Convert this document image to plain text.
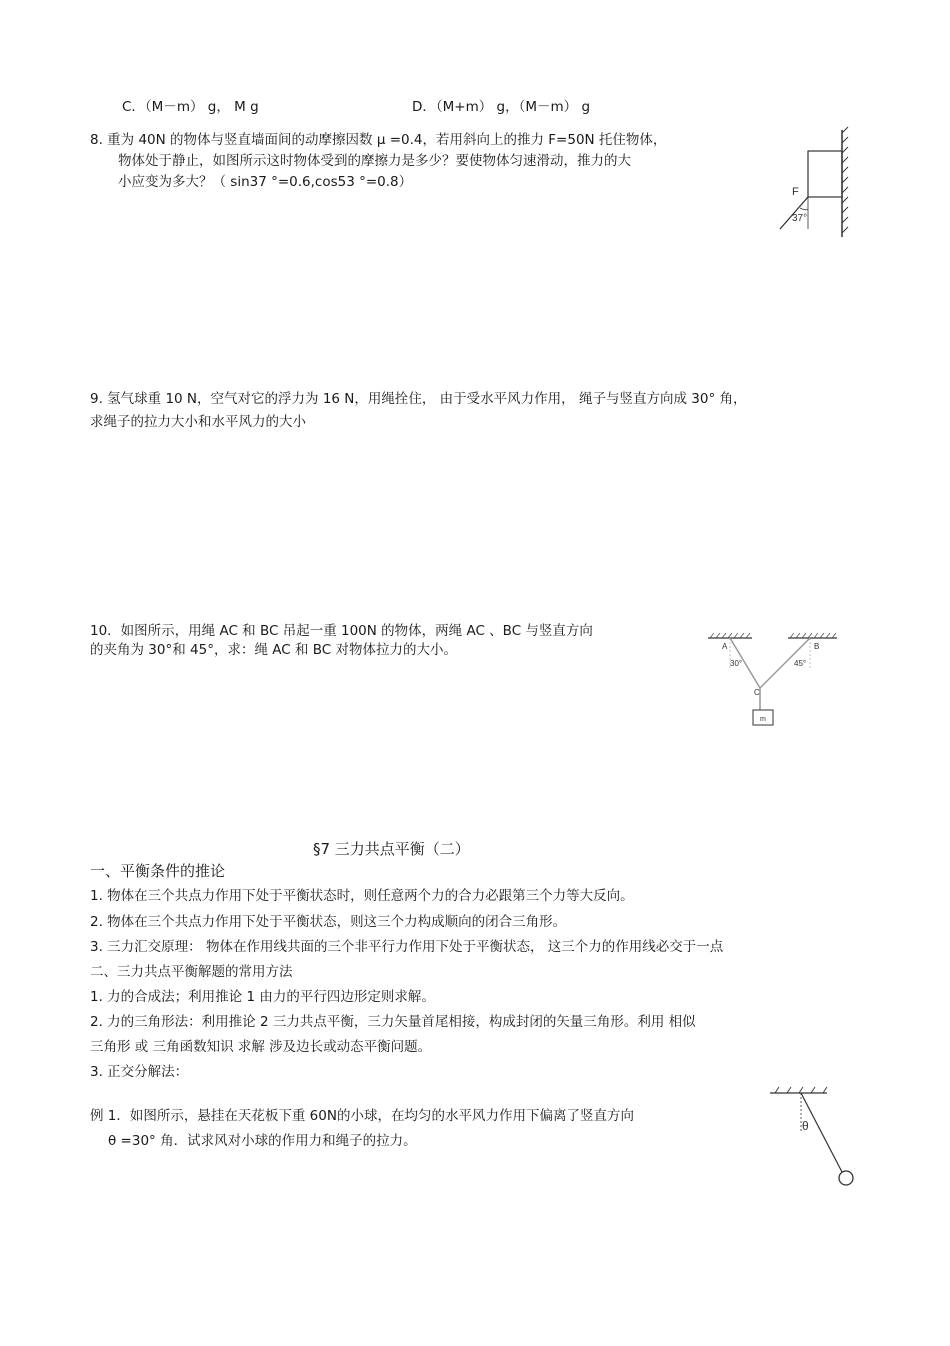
C．（M－m） g， M g	D．（M+m） g，（M－m） g
8. 重为 40N 的物体与竖直墙面间的动摩擦因数 μ =0.4，若用斜向上的推力 F=50N 托住物体，
物体处于静止，如图所示这时物体受到的摩擦力是多少？要使物体匀速滑动，推力的大
小应变为多大？（ sin37 °=0.6,cos53 °=0.8）
F
37°
9. 氢气球重 10 N，空气对它的浮力为 16 N，用绳拴住， 由于受水平风力作用， 绳子与竖直方向成 30° 角，
求绳子的拉力大小和水平风力的大小
10．如图所示，用绳 AC 和 BC 吊起一重 100N 的物体，两绳 AC 、BC 与竖直方向
的夹角为 30°和 45°，求：绳 AC 和 BC 对物体拉力的大小。	A	B
C
30°	45°
m
§7 三力共点平衡（二）
一、平衡条件的推论
1. 物体在三个共点力作用下处于平衡状态时，则任意两个力的合力必跟第三个力等大反向。
2. 物体在三个共点力作用下处于平衡状态，则这三个力构成顺向的闭合三角形。
3. 三力汇交原理： 物体在作用线共面的三个非平行力作用下处于平衡状态， 这三个力的作用线必交于一点
二、三力共点平衡解题的常用方法
1. 力的合成法；利用推论 1 由力的平行四边形定则求解。
2. 力的三角形法：利用推论 2 三力共点平衡，三力矢量首尾相接，构成封闭的矢量三角形。利用 相似
三角形 或 三角函数知识 求解 涉及边长或动态平衡问题。
3. 正交分解法：
例 1．如图所示，悬挂在天花板下重 60N的小球，在均匀的水平风力作用下偏离了竖直方向
θ =30° 角．试求风对小球的作用力和绳子的拉力。
θ
